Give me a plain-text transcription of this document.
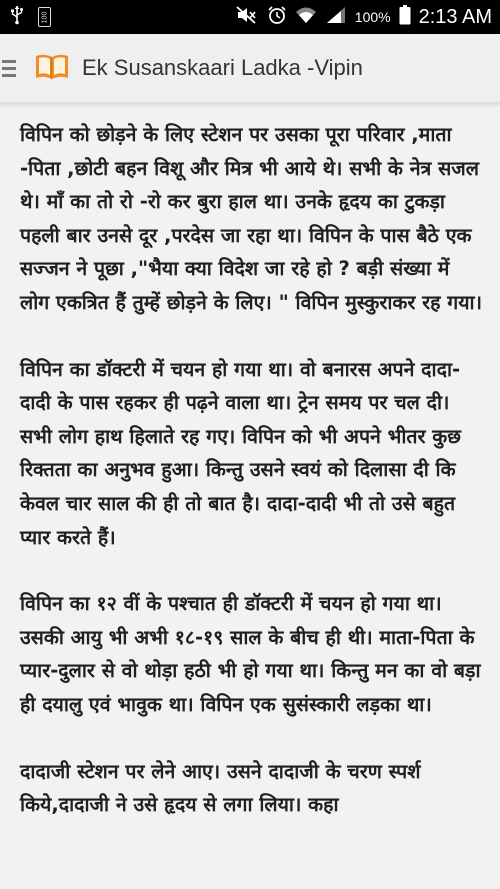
100	100% 2:13 AM
Ek Susanskaari Ladka -Vipin

विपिन को छोड़ने के लिए स्टेशन पर उसका पूरा परिवार ,माता -पिता ,छोटी बहन विशू और मित्र भी आये थे। सभी के नेत्र सजल थे। माँ का तो रो -रो कर बुरा हाल था। उनके हृदय का टुकड़ा पहली बार उनसे दूर ,परदेस जा रहा था। विपिन के पास बैठे एक सज्जन ने पूछा ,"भैया क्या विदेश जा रहे हो ? बड़ी संख्या में लोग एकत्रित हैं तुम्हें छोड़ने के लिए। " विपिन मुस्कुराकर रह गया।

विपिन का डॉक्टरी में चयन हो गया था। वो बनारस अपने दादा-दादी के पास रहकर ही पढ़ने वाला था। ट्रेन समय पर चल दी। सभी लोग हाथ हिलाते रह गए। विपिन को भी अपने भीतर कुछ रिक्तता का अनुभव हुआ। किन्तु उसने स्वयं को दिलासा दी कि केवल चार साल की ही तो बात है। दादा-दादी भी तो उसे बहुत प्यार करते हैं।

विपिन का १२ वीं के पश्चात ही डॉक्टरी में चयन हो गया था। उसकी आयु भी अभी १८-१९ साल के बीच ही थी। माता-पिता के प्यार-दुलार से वो थोड़ा हठी भी हो गया था। किन्तु मन का वो बड़ा ही दयालु एवं भावुक था। विपिन एक सुसंस्कारी लड़का था।

दादाजी स्टेशन पर लेने आए। उसने दादाजी के चरण स्पर्श किये,दादाजी ने उसे हृदय से लगा लिया। कहा
